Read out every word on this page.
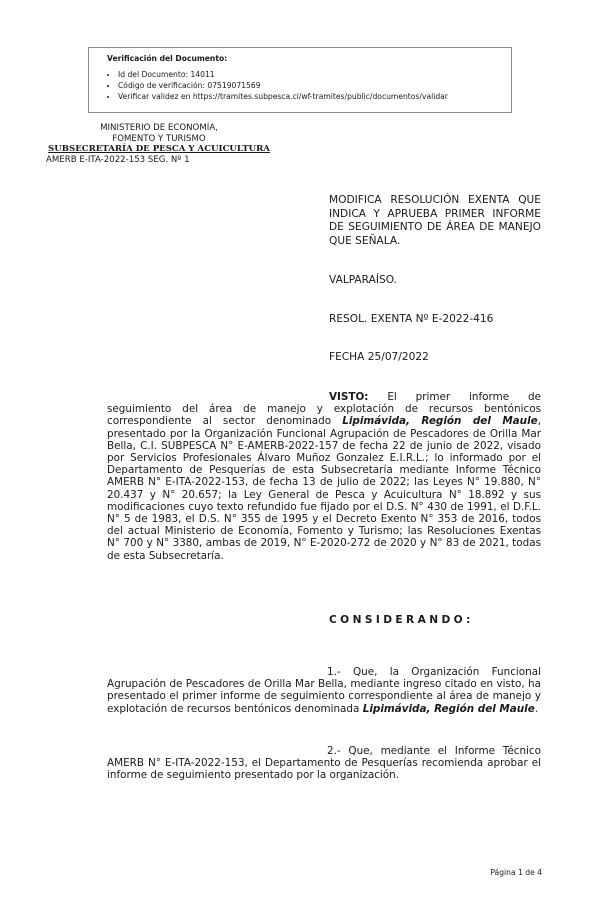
Verificación del Documento:
• Id del Documento: 14011
• Código de verificación: 07519071569
• Verificar validez en https://tramites.subpesca.cl/wf-tramites/public/documentos/validar
MINISTERIO DE ECONOMÍA,
FOMENTO Y TURISMO
SUBSECRETARÍA DE PESCA Y ACUICULTURA
AMERB E-ITA-2022-153 SEG. Nº 1
MODIFICA RESOLUCIÓN EXENTA QUE INDICA Y APRUEBA PRIMER INFORME DE SEGUIMIENTO DE ÁREA DE MANEJO QUE SEÑALA.
VALPARAÍSO.
RESOL. EXENTA Nº E-2022-416
FECHA 25/07/2022
VISTO: El primer informe de seguimiento del área de manejo y explotación de recursos bentónicos correspondiente al sector denominado Lipimávida, Región del Maule, presentado por la Organización Funcional Agrupación de Pescadores de Orilla Mar Bella, C.I. SUBPESCA N° E-AMERB-2022-157 de fecha 22 de junio de 2022, visado por Servicios Profesionales Álvaro Muñoz Gonzalez E.I.R.L.; lo informado por el Departamento de Pesquerías de esta Subsecretaría mediante Informe Técnico AMERB N° E-ITA-2022-153, de fecha 13 de julio de 2022; las Leyes N° 19.880, N° 20.437 y N° 20.657; la Ley General de Pesca y Acuicultura N° 18.892 y sus modificaciones cuyo texto refundido fue fijado por el D.S. N° 430 de 1991, el D.F.L. N° 5 de 1983, el D.S. N° 355 de 1995 y el Decreto Exento N° 353 de 2016, todos del actual Ministerio de Economía, Fomento y Turismo; las Resoluciones Exentas N° 700 y N° 3380, ambas de 2019, N° E-2020-272 de 2020 y N° 83 de 2021, todas de esta Subsecretaría.
CONSIDERANDO:
1.- Que, la Organización Funcional Agrupación de Pescadores de Orilla Mar Bella, mediante ingreso citado en visto, ha presentado el primer informe de seguimiento correspondiente al área de manejo y explotación de recursos bentónicos denominada Lipimávida, Región del Maule.
2.- Que, mediante el Informe Técnico AMERB N° E-ITA-2022-153, el Departamento de Pesquerías recomienda aprobar el informe de seguimiento presentado por la organización.
Página 1 de 4
